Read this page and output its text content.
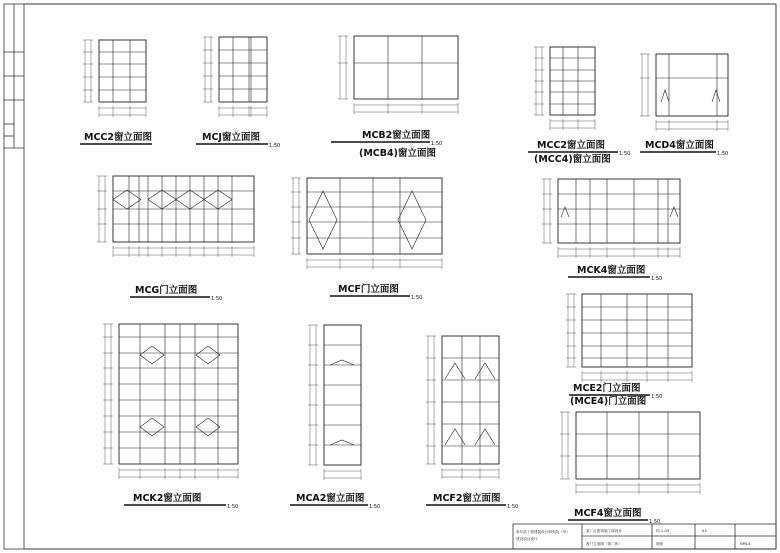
哈尔滨工程建筑设计研究院（甲）
建设项目设计
某厂区建筑施工图设计
窗门立面图（第二张）
结-1-03	03
图纸	NPA-4
MCC2窗立面图	MCJ窗立面图
1:50
MCB2窗立面图
1:50
(MCB4)窗立面图
MCC2窗立面图
1:50
(MCC4)窗立面图
MCD4窗立面图
1:50
MCG门立面图
1:50
MCF门立面图
1:50
MCK4窗立面图
1:50
MCK2窗立面图
1:50
MCA2窗立面图
1:50
MCF2窗立面图
1:50
MCE2门立面图
1:50
(MCE4)门立面图
MCF4窗立面图
1:50
